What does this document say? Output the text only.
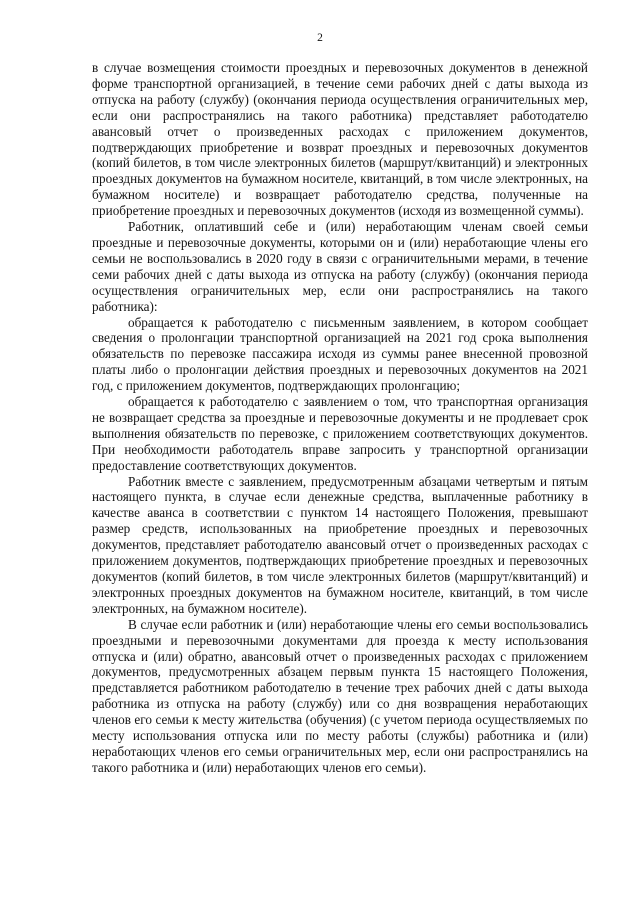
2

в случае возмещения стоимости проездных и перевозочных документов в денежной форме транспортной организацией, в течение семи рабочих дней с даты выхода из отпуска на работу (службу) (окончания периода осуществления ограничительных мер, если они распространялись на такого работника) представляет работодателю авансовый отчет о произведенных расходах с приложением документов, подтверждающих приобретение и возврат проездных и перевозочных документов (копий билетов, в том числе электронных билетов (маршрут/квитанций) и электронных проездных документов на бумажном носителе, квитанций, в том числе электронных, на бумажном носителе) и возвращает работодателю средства, полученные на приобретение проездных и перевозочных документов (исходя из возмещенной суммы).

Работник, оплативший себе и (или) неработающим членам своей семьи проездные и перевозочные документы, которыми он и (или) неработающие члены его семьи не воспользовались в 2020 году в связи с ограничительными мерами, в течение семи рабочих дней с даты выхода из отпуска на работу (службу) (окончания периода осуществления ограничительных мер, если они распространялись на такого работника):

обращается к работодателю с письменным заявлением, в котором сообщает сведения о пролонгации транспортной организацией на 2021 год срока выполнения обязательств по перевозке пассажира исходя из суммы ранее внесенной провозной платы либо о пролонгации действия проездных и перевозочных документов на 2021 год, с приложением документов, подтверждающих пролонгацию;

обращается к работодателю с заявлением о том, что транспортная организация не возвращает средства за проездные и перевозочные документы и не продлевает срок выполнения обязательств по перевозке, с приложением соответствующих документов. При необходимости работодатель вправе запросить у транспортной организации предоставление соответствующих документов.

Работник вместе с заявлением, предусмотренным абзацами четвертым и пятым настоящего пункта, в случае если денежные средства, выплаченные работнику в качестве аванса в соответствии с пунктом 14 настоящего Положения, превышают размер средств, использованных на приобретение проездных и перевозочных документов, представляет работодателю авансовый отчет о произведенных расходах с приложением документов, подтверждающих приобретение проездных и перевозочных документов (копий билетов, в том числе электронных билетов (маршрут/квитанций) и электронных проездных документов на бумажном носителе, квитанций, в том числе электронных, на бумажном носителе).

В случае если работник и (или) неработающие члены его семьи воспользовались проездными и перевозочными документами для проезда к месту использования отпуска и (или) обратно, авансовый отчет о произведенных расходах с приложением документов, предусмотренных абзацем первым пункта 15 настоящего Положения, представляется работником работодателю в течение трех рабочих дней с даты выхода работника из отпуска на работу (службу) или со дня возвращения неработающих членов его семьи к месту жительства (обучения) (с учетом периода осуществляемых по месту использования отпуска или по месту работы (службы) работника и (или) неработающих членов его семьи ограничительных мер, если они распространялись на такого работника и (или) неработающих членов его семьи).
